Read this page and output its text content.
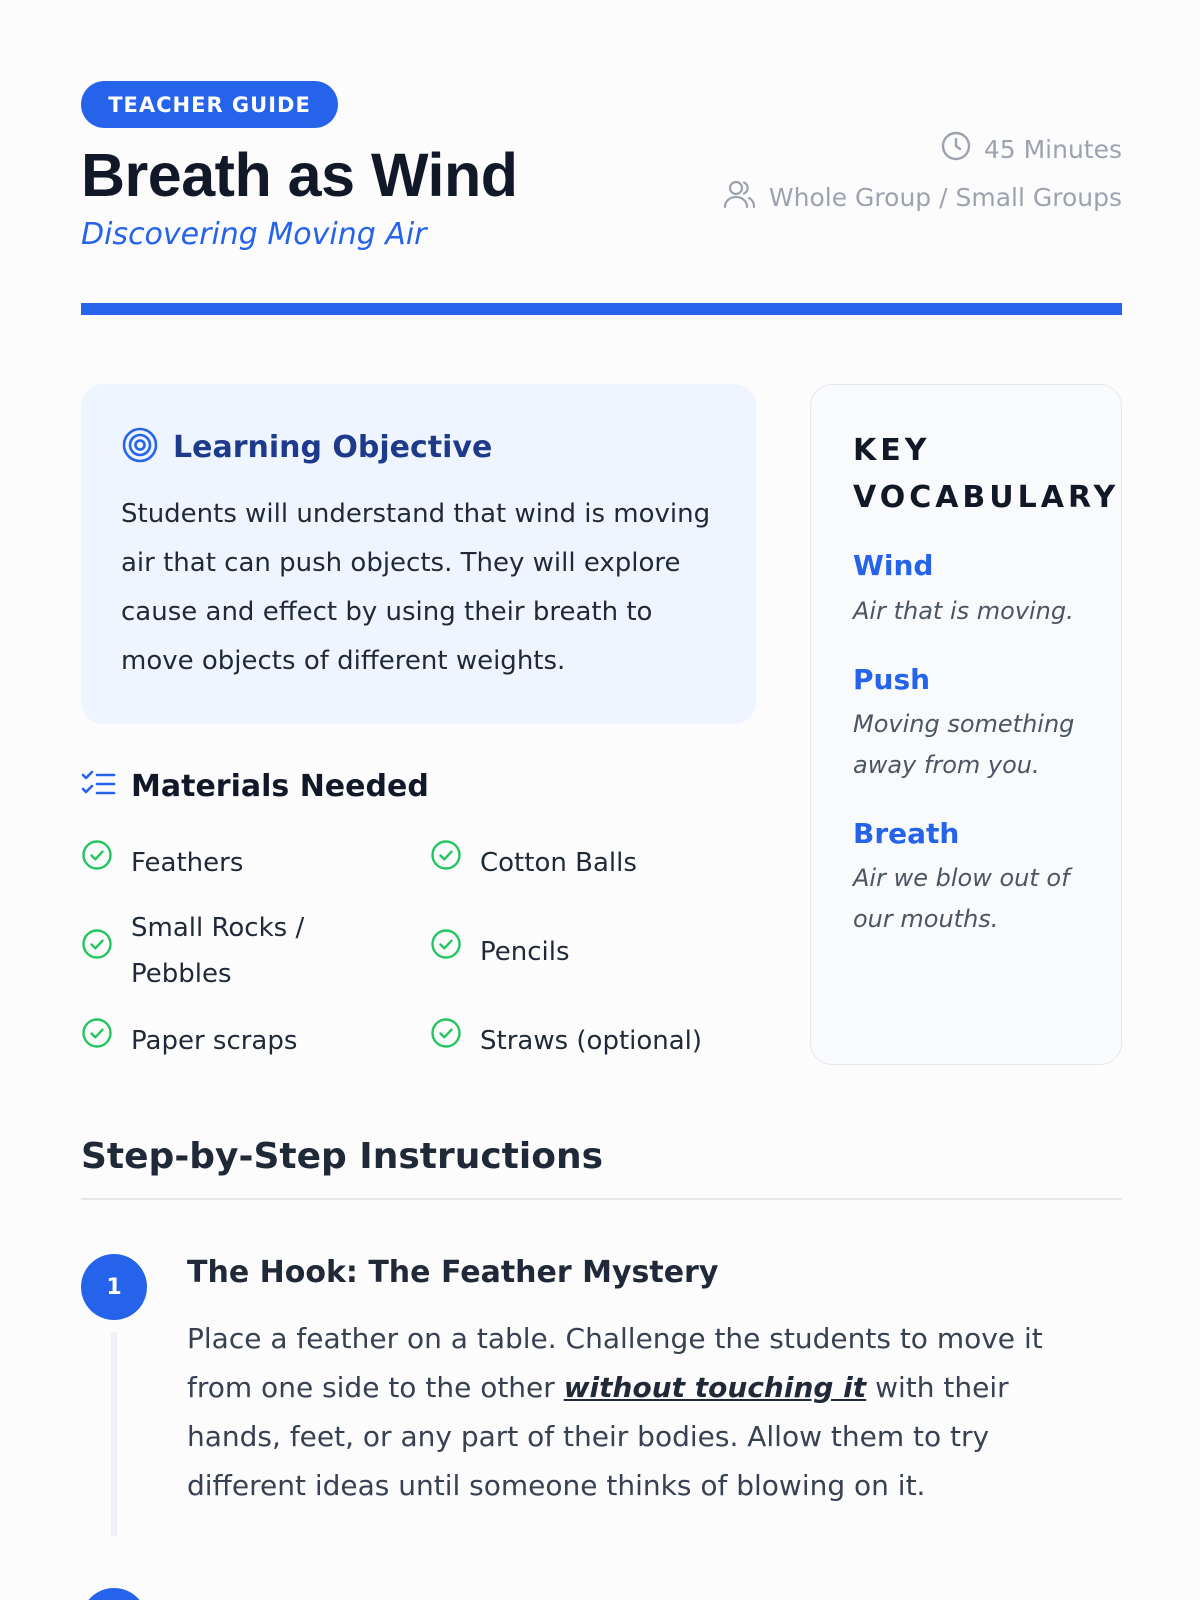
TEACHER GUIDE
Breath as Wind
Discovering Moving Air
45 Minutes
Whole Group / Small Groups
Learning Objective

Students will understand that wind is moving air that can push objects. They will explore cause and effect by using their breath to move objects of different weights.

Materials Needed
Feathers	Cotton Balls
Small Rocks / Pebbles
Pencils
Paper scraps	Straws (optional)
KEY VOCABULARY
Wind
Air that is moving.
Push
Moving something away from you.
Breath
Air we blow out of our mouths.
Step-by-Step Instructions
1	The Hook: The Feather Mystery

Place a feather on a table. Challenge the students to move it from one side to the other without touching it with their hands, feet, or any part of their bodies. Allow them to try different ideas until someone thinks of blowing on it.
